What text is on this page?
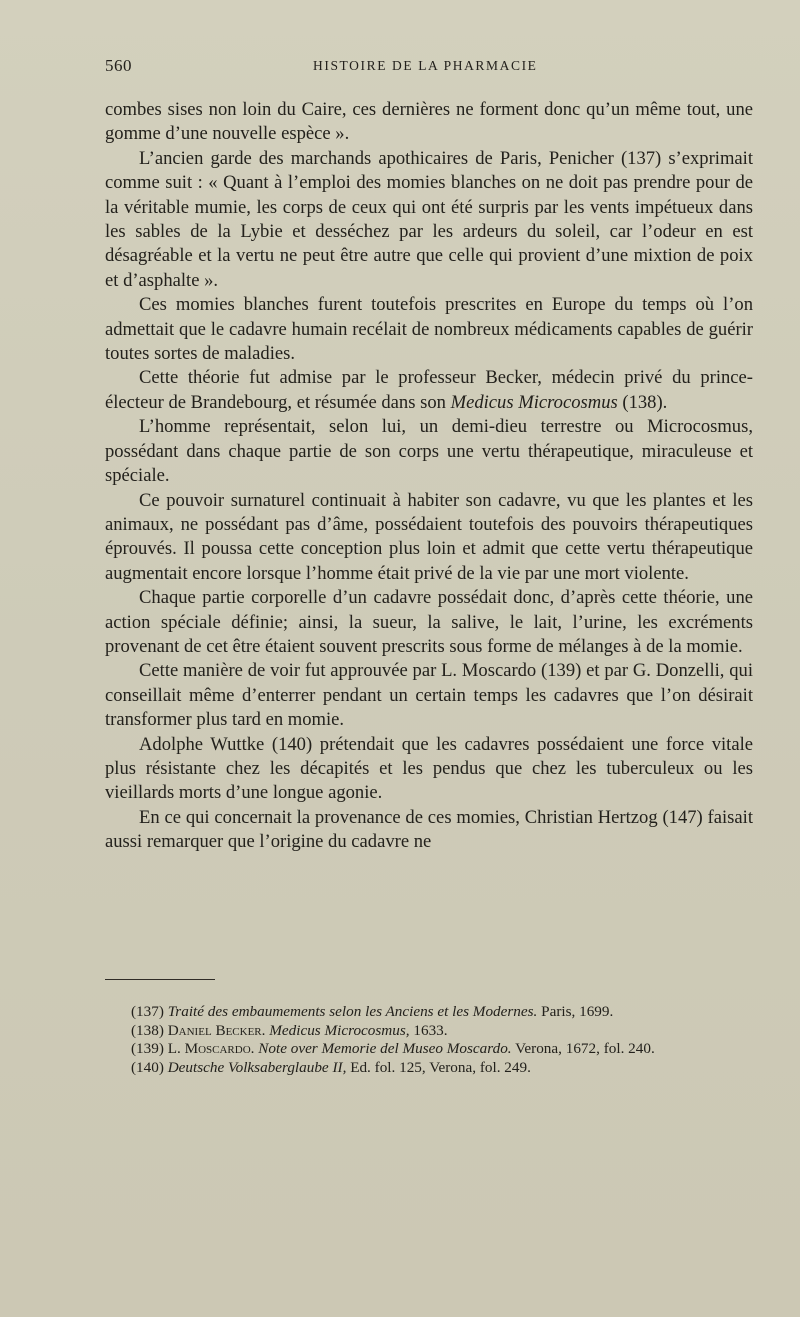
560	HISTOIRE DE LA PHARMACIE

combes sises non loin du Caire, ces dernières ne forment donc qu’un même tout, une gomme d’une nouvelle espèce ».

L’ancien garde des marchands apothicaires de Paris, Penicher (137) s’exprimait comme suit : « Quant à l’emploi des momies blanches on ne doit pas prendre pour de la véritable mumie, les corps de ceux qui ont été surpris par les vents impétueux dans les sables de la Lybie et desséchez par les ardeurs du soleil, car l’odeur en est désagréable et la vertu ne peut être autre que celle qui provient d’une mixtion de poix et d’asphalte ».

Ces momies blanches furent toutefois prescrites en Europe du temps où l’on admettait que le cadavre humain recélait de nombreux médicaments capables de guérir toutes sortes de maladies.

Cette théorie fut admise par le professeur Becker, médecin privé du prince-électeur de Brandebourg, et résumée dans son Medicus Microcosmus (138).

L’homme représentait, selon lui, un demi-dieu terrestre ou Microcosmus, possédant dans chaque partie de son corps une vertu thérapeutique, miraculeuse et spéciale.

Ce pouvoir surnaturel continuait à habiter son cadavre, vu que les plantes et les animaux, ne possédant pas d’âme, possédaient toutefois des pouvoirs thérapeutiques éprouvés. Il poussa cette conception plus loin et admit que cette vertu thérapeutique augmentait encore lorsque l’homme était privé de la vie par une mort violente.

Chaque partie corporelle d’un cadavre possédait donc, d’après cette théorie, une action spéciale définie; ainsi, la sueur, la salive, le lait, l’urine, les excréments provenant de cet être étaient souvent prescrits sous forme de mélanges à de la momie.

Cette manière de voir fut approuvée par L. Moscardo (139) et par G. Donzelli, qui conseillait même d’enterrer pendant un certain temps les cadavres que l’on désirait transformer plus tard en momie.

Adolphe Wuttke (140) prétendait que les cadavres possédaient une force vitale plus résistante chez les décapités et les pendus que chez les tuberculeux ou les vieillards morts d’une longue agonie.

En ce qui concernait la provenance de ces momies, Christian Hertzog (147) faisait aussi remarquer que l’origine du cadavre ne

(137) Traité des embaumements selon les Anciens et les Modernes. Paris, 1699.

(138) Daniel Becker. Medicus Microcosmus, 1633.

(139) L. Moscardo. Note over Memorie del Museo Moscardo. Verona, 1672, fol. 240.

(140) Deutsche Volksaberglaube II, Ed. fol. 125, Verona, fol. 249.
